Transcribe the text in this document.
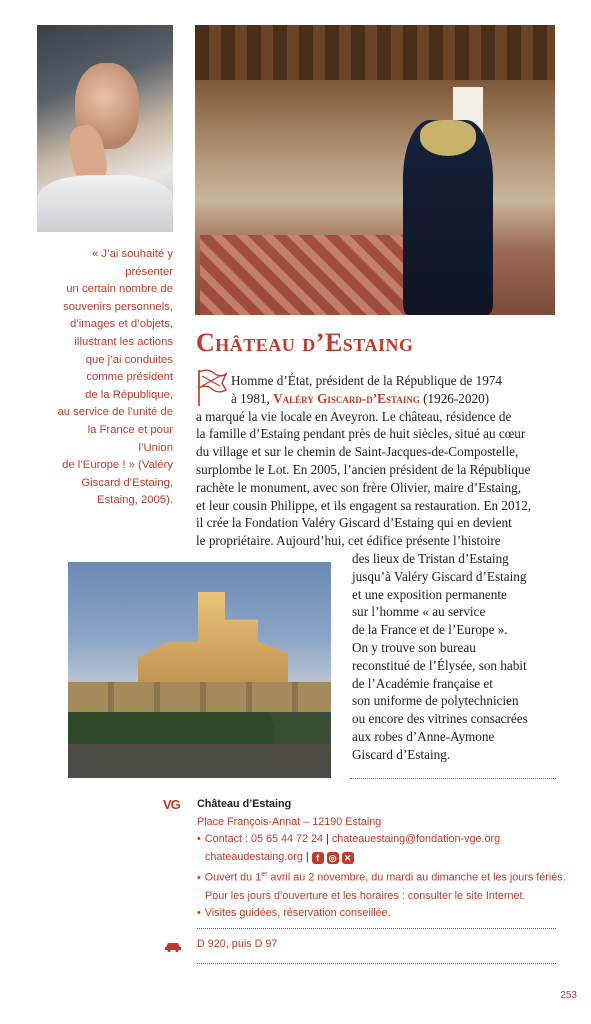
« J’ai souhaité y présenter
un certain nombre de
souvenirs personnels,
d’images et d’objets,
illustrant les actions
que j’ai conduites
comme président
de la République,
au service de l’unité de
la France et pour l’Union
de l’Europe ! » (Valéry
Giscard d’Estaing,
Estaing, 2005).
Château d’Estaing
Homme d’État, président de la République de 1974
à 1981, Valéry Giscard-d’Estaing (1926-2020)
a marqué la vie locale en Aveyron. Le château, résidence de
la famille d’Estaing pendant près de huit siècles, situé au cœur
du village et sur le chemin de Saint-Jacques-de-Compostelle,
surplombe le Lot. En 2005, l’ancien président de la République
rachète le monument, avec son frère Olivier, maire d’Estaing,
et leur cousin Philippe, et ils engagent sa restauration. En 2012,
il crée la Fondation Valéry Giscard d’Estaing qui en devient
le propriétaire. Aujourd’hui, cet édifice présente l’histoire
des lieux de Tristan d’Estaing
jusqu’à Valéry Giscard d’Estaing
et une exposition permanente
sur l’homme « au service
de la France et de l’Europe ».
On y trouve son bureau
reconstitué de l’Élysée, son habit
de l’Académie française et
son uniforme de polytechnicien
ou encore des vitrines consacrées
aux robes d’Anne-Aymone
Giscard d’Estaing.
VG	Château d’Estaing
Place François-Annat – 12190 Estaing
• Contact : 05 65 44 72 24 | chateauestaing@fondation-vge.org
chateaudestaing.org | f ◎ ✕
• Ouvert du 1er avril au 2 novembre, du mardi au dimanche et les jours fériés.
Pour les jours d’ouverture et les horaires : consulter le site Internet.
• Visites guidées, réservation conseillée.
D 920, puis D 97
253
